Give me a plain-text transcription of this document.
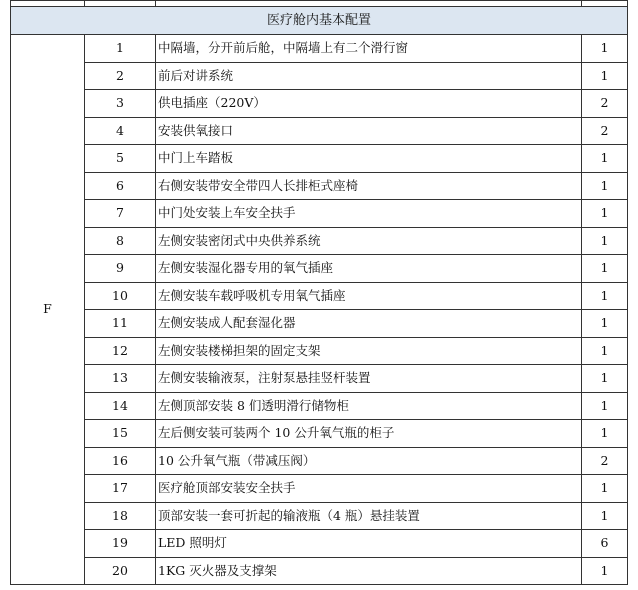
医疗舱内基本配置			
F	1	中隔墙，分开前后舱，中隔墙上有二个滑行窗	1
	2	前后对讲系统	1
	3	供电插座（220V）	2
	4	安装供氧接口	2
	5	中门上车踏板	1
	6	右侧安装带安全带四人长排柜式座椅	1
	7	中门处安装上车安全扶手	1
	8	左侧安装密闭式中央供养系统	1
	9	左侧安装湿化器专用的氧气插座	1
	10	左侧安装车载呼吸机专用氧气插座	1
	11	左侧安装成人配套湿化器	1
	12	左侧安装楼梯担架的固定支架	1
	13	左侧安装输液泵，注射泵悬挂竖杆装置	1
	14	左侧顶部安装 8 们透明滑行储物柜	1
	15	左后侧安装可装两个 10 公升氧气瓶的柜子	1
	16	10 公升氧气瓶（带减压阀）	2
	17	医疗舱顶部安装安全扶手	1
	18	顶部安装一套可折起的输液瓶（4 瓶）悬挂装置	1
	19	LED 照明灯	6
	20	1KG 灭火器及支撑架	1
